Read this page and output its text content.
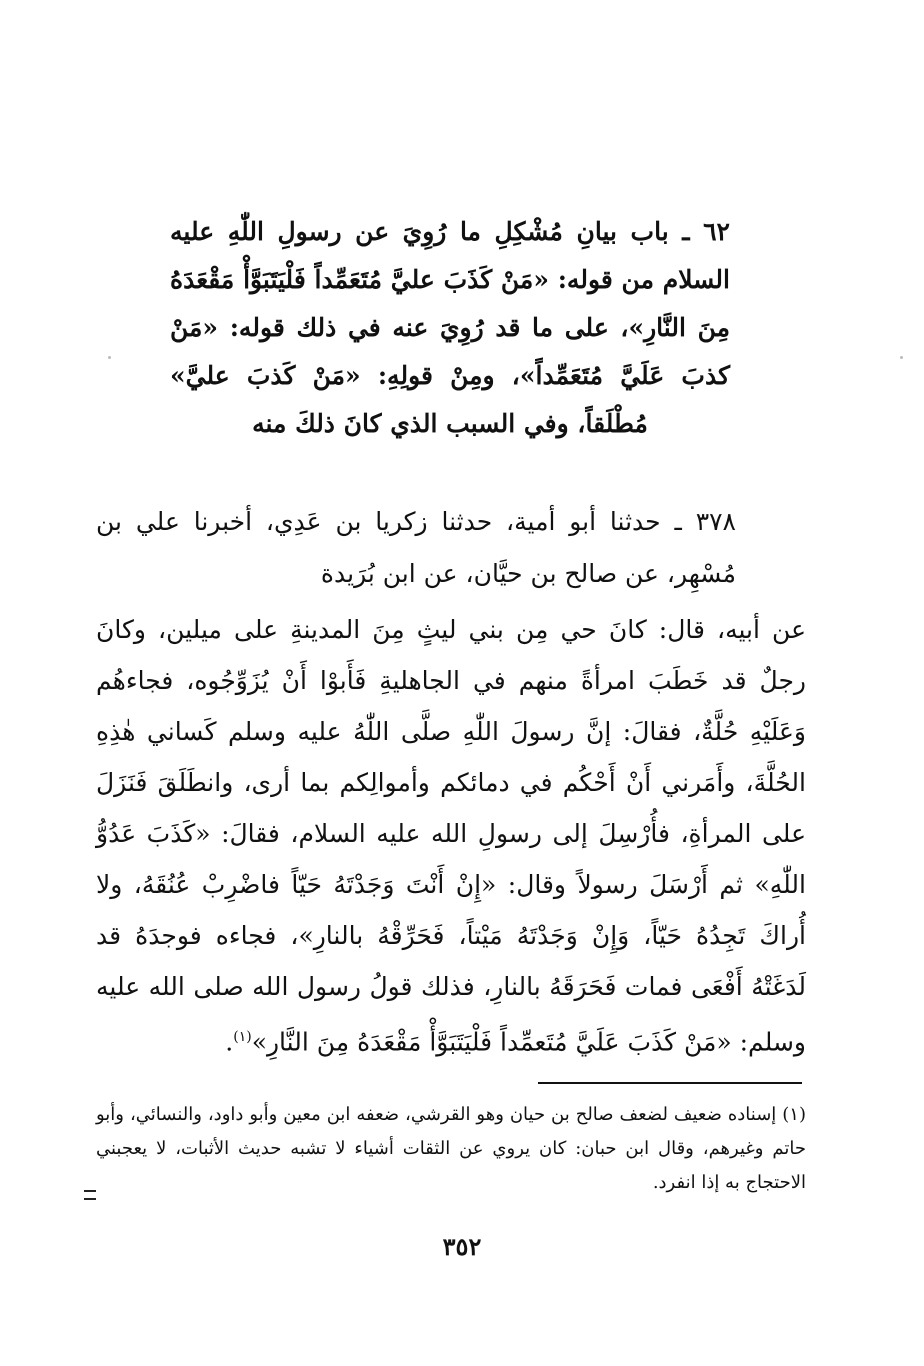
٦٢ ـ باب بيانِ مُشْكِلِ ما رُوِيَ عن رسولِ اللّٰهِ عليه السلام من قوله: «مَنْ كَذَبَ عليَّ مُتَعَمِّداً فَلْيَتَبَوَّأْ مَقْعَدَهُ مِنَ النَّارِ»، على ما قد رُوِيَ عنه في ذلك قوله: «مَنْ كذبَ عَلَيَّ مُتَعَمِّداً»، ومِنْ قولِهِ: «مَنْ كَذبَ عليَّ» مُطْلَقاً، وفي السبب الذي كانَ ذلكَ منه
٣٧٨ ـ حدثنا أبو أمية، حدثنا زكريا بن عَدِي، أخبرنا علي بن مُسْهِر، عن صالح بن حيَّان، عن ابن بُرَيدة
عن أبيه، قال: كانَ حي مِن بني ليثٍ مِنَ المدينةِ على ميلين، وكانَ رجلٌ قد خَطَبَ امرأةً منهم في الجاهليةِ فَأَبوْا أَنْ يُزَوِّجُوه، فجاءهُم وَعَلَيْهِ حُلَّةٌ، فقالَ: إنَّ رسولَ اللّٰهِ صلَّى اللّٰهُ عليه وسلم كَساني هٰذِهِ الحُلَّةَ، وأَمَرني أَنْ أَحْكُم في دمائكم وأموالِكم بما أرى، وانطَلَقَ فَنَزَلَ على المرأةِ، فأُرْسِلَ إلى رسولِ الله عليه السلام، فقالَ: «كَذَبَ عَدُوُّ اللّٰهِ» ثم أَرْسَلَ رسولاً وقال: «إِنْ أَنْتَ وَجَدْتَهُ حَيّاً فاضْرِبْ عُنُقَهُ، ولا أُراكَ تَجِدُهُ حَيّاً، وَإِنْ وَجَدْتَهُ مَيْتاً، فَحَرِّقْهُ بالنارِ»، فجاءه فوجدَهُ قد لَدَغَتْهُ أَفْعَى فمات فَحَرَقَهُ بالنارِ، فذلك قولُ رسول الله صلى الله عليه وسلم: «مَنْ كَذَبَ عَلَيَّ مُتَعمِّداً فَلْيَتَبَوَّأْ مَقْعَدَهُ مِنَ النَّارِ»$^{(١)}$.
(١) إسناده ضعيف لضعف صالح بن حيان وهو القرشي، ضعفه ابن معين وأبو داود، والنسائي، وأبو حاتم وغيرهم، وقال ابن حبان: كان يروي عن الثقات أشياء لا تشبه حديث الأثبات، لا يعجبني الاحتجاج به إذا انفرد.
٣٥٢
